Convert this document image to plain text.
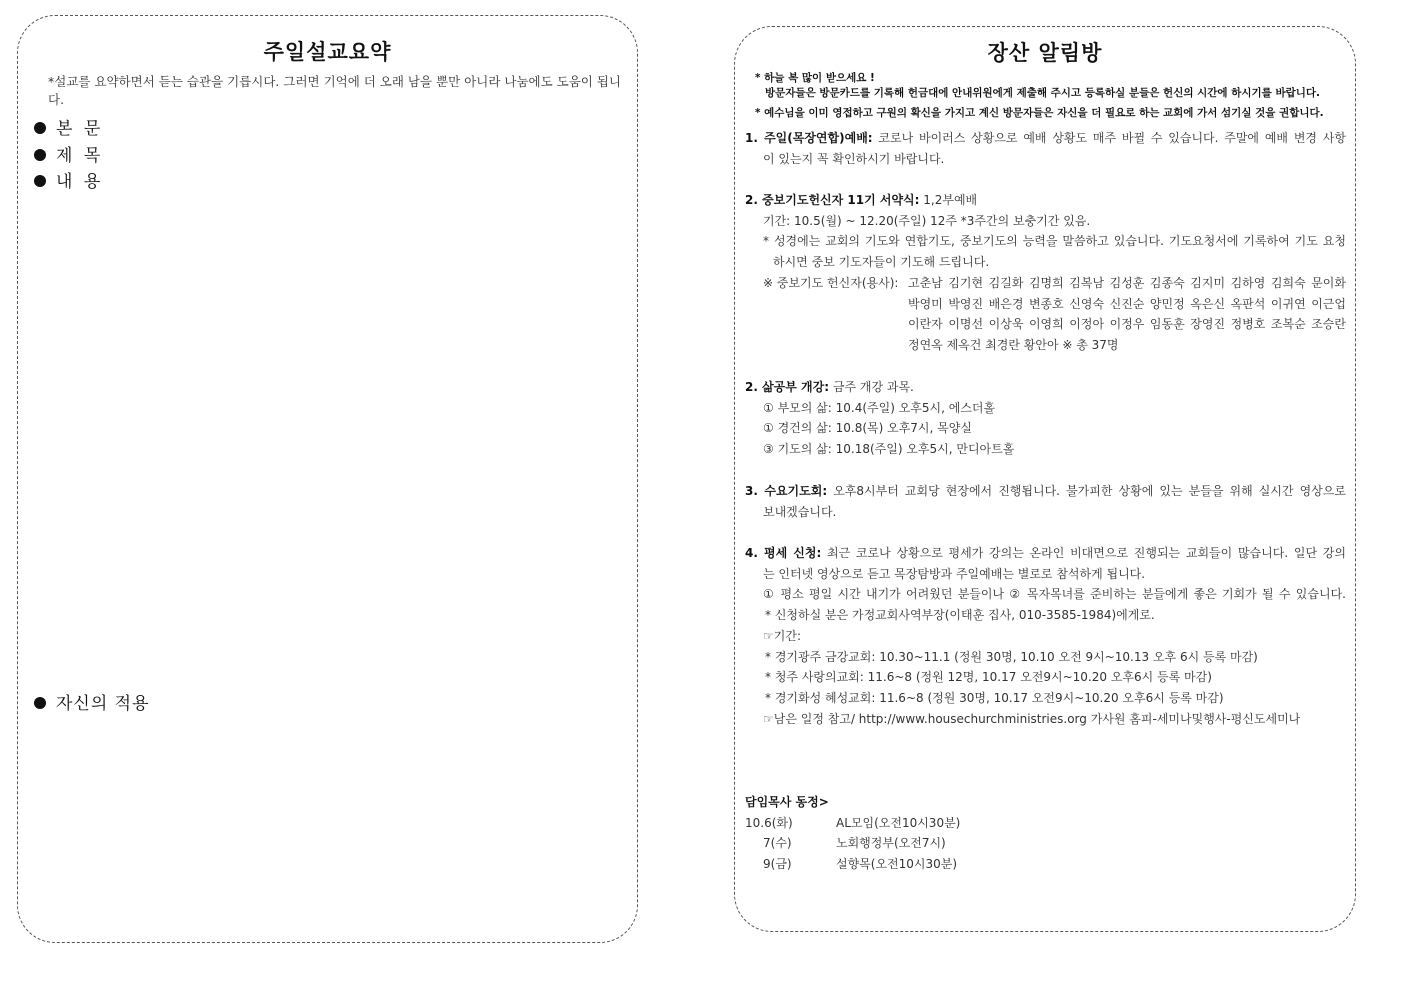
주일설교요약
*설교를 요약하면서 듣는 습관을 기릅시다. 그러면 기억에 더 오래 남을 뿐만 아니라 나눔에도 도움이 됩니다.
본 문
제 목
내 용
자신의 적용
장산 알림방
* 하늘 복 많이 받으세요 !
방문자들은 방문카드를 기록해 헌금대에 안내위원에게 제출해 주시고 등록하실 분들은 헌신의 시간에 하시기를 바랍니다.
* 예수님을 이미 영접하고 구원의 확신을 가지고 계신 방문자들은 자신을 더 필요로 하는 교회에 가서 섬기실 것을 권합니다.
1. 주일(목장연합)예배: 코로나 바이러스 상황으로 예배 상황도 매주 바뀔 수 있습니다. 주말에 예배 변경 사항
이 있는지 꼭 확인하시기 바랍니다.
2. 중보기도헌신자 11기 서약식: 1,2부예배
기간: 10.5(월) ~ 12.20(주일) 12주 *3주간의 보충기간 있음.
* 성경에는 교회의 기도와 연합기도, 중보기도의 능력을 말씀하고 있습니다. 기도요청서에 기록하여 기도 요청
하시면 중보 기도자들이 기도해 드립니다.
※ 중보기도 헌신자(용사): 고춘남 김기현 김길화 김명희 김복남 김성훈 김종숙 김지미 김하영 김희숙 문이화
박영미 박영진 배은경 변종호 신영숙 신진순 양민정 옥은신 옥판석 이귀연 이근업
이란자 이명선 이상욱 이영희 이정아 이정우 임동훈 장영진 정병호 조복순 조승란
정연옥 제옥건 최경란 황안아 ※ 총 37명
2. 삶공부 개강: 금주 개강 과목.
① 부모의 삶: 10.4(주일) 오후5시, 에스더홀
① 경건의 삶: 10.8(목) 오후7시, 목양실
③ 기도의 삶: 10.18(주일) 오후5시, 만디아트홀
3. 수요기도회: 오후8시부터 교회당 현장에서 진행됩니다. 불가피한 상황에 있는 분들을 위해 실시간 영상으로
보내겠습니다.
4. 평세 신청: 최근 코로나 상황으로 평세가 강의는 온라인 비대면으로 진행되는 교회들이 많습니다. 일단 강의
는 인터넷 영상으로 듣고 목장탐방과 주일예배는 별로로 참석하게 됩니다.
① 평소 평일 시간 내기가 어려웠던 분들이나 ② 목자목녀를 준비하는 분들에게 좋은 기회가 될 수 있습니다.
* 신청하실 분은 가정교회사역부장(이태훈 집사, 010-3585-1984)에게로.
☞기간:
* 경기광주 금강교회: 10.30~11.1 (정원 30명, 10.10 오전 9시~10.13 오후 6시 등록 마감)
* 청주 사랑의교회: 11.6~8 (정원 12명, 10.17 오전9시~10.20 오후6시 등록 마감)
* 경기화성 혜성교회: 11.6~8 (정원 30명, 10.17 오전9시~10.20 오후6시 등록 마감)
☞남은 일정 참고/ http://www.housechurchministries.org 가사원 홈피-세미나및행사-평신도세미나
담임목사 동정>
10.6(화)	AL모임(오전10시30분)
7(수)	노회행정부(오전7시)
9(금)	설향목(오전10시30분)
